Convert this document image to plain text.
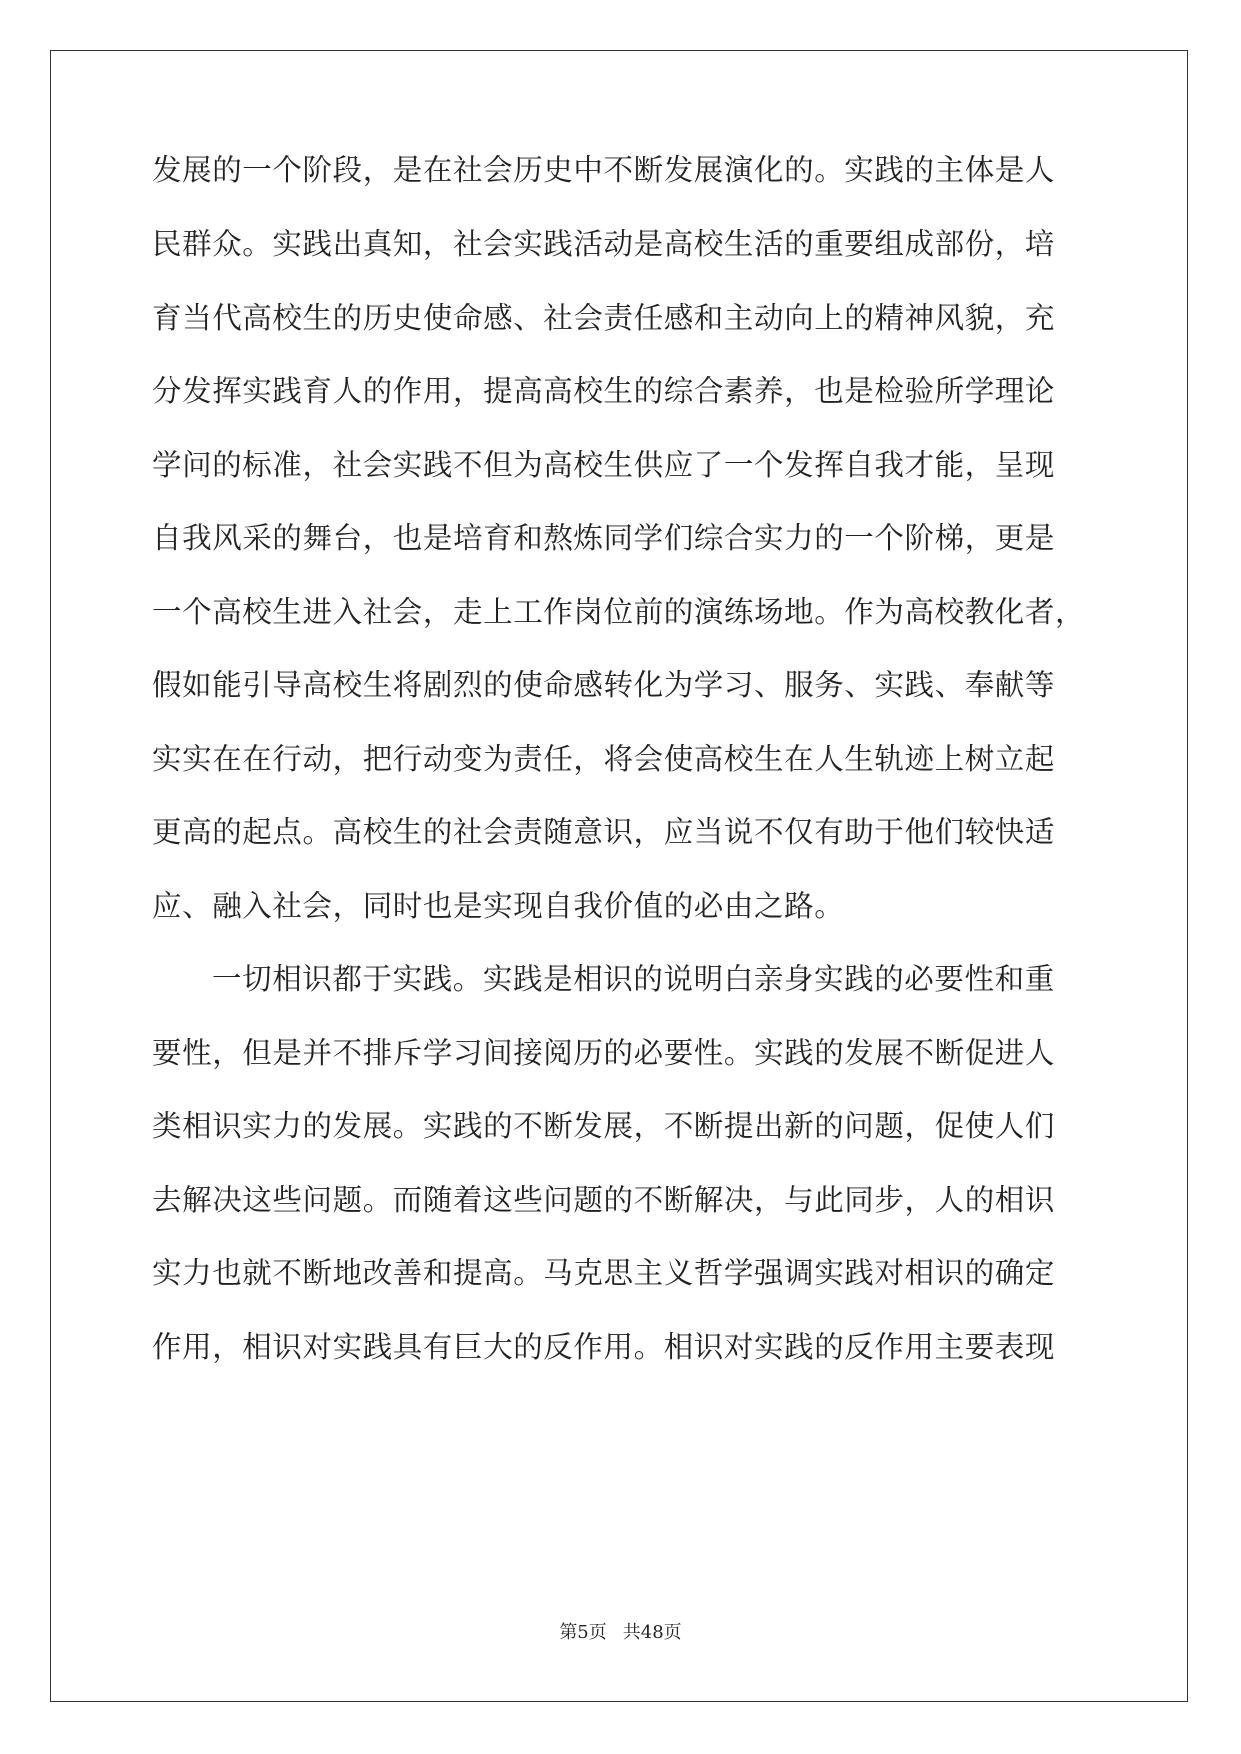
发展的一个阶段，是在社会历史中不断发展演化的。实践的主体是人
民群众。实践出真知，社会实践活动是高校生活的重要组成部份，培
育当代高校生的历史使命感、社会责任感和主动向上的精神风貌，充
分发挥实践育人的作用，提高高校生的综合素养，也是检验所学理论
学问的标准，社会实践不但为高校生供应了一个发挥自我才能，呈现
自我风采的舞台，也是培育和熬炼同学们综合实力的一个阶梯，更是
一个高校生进入社会，走上工作岗位前的演练场地。作为高校教化者，
假如能引导高校生将剧烈的使命感转化为学习、服务、实践、奉献等
实实在在行动，把行动变为责任，将会使高校生在人生轨迹上树立起
更高的起点。高校生的社会责随意识，应当说不仅有助于他们较快适
应、融入社会，同时也是实现自我价值的必由之路。
一切相识都于实践。实践是相识的说明白亲身实践的必要性和重
要性，但是并不排斥学习间接阅历的必要性。实践的发展不断促进人
类相识实力的发展。实践的不断发展，不断提出新的问题，促使人们
去解决这些问题。而随着这些问题的不断解决，与此同步，人的相识
实力也就不断地改善和提高。马克思主义哲学强调实践对相识的确定
作用，相识对实践具有巨大的反作用。相识对实践的反作用主要表现
第5页 共48页
